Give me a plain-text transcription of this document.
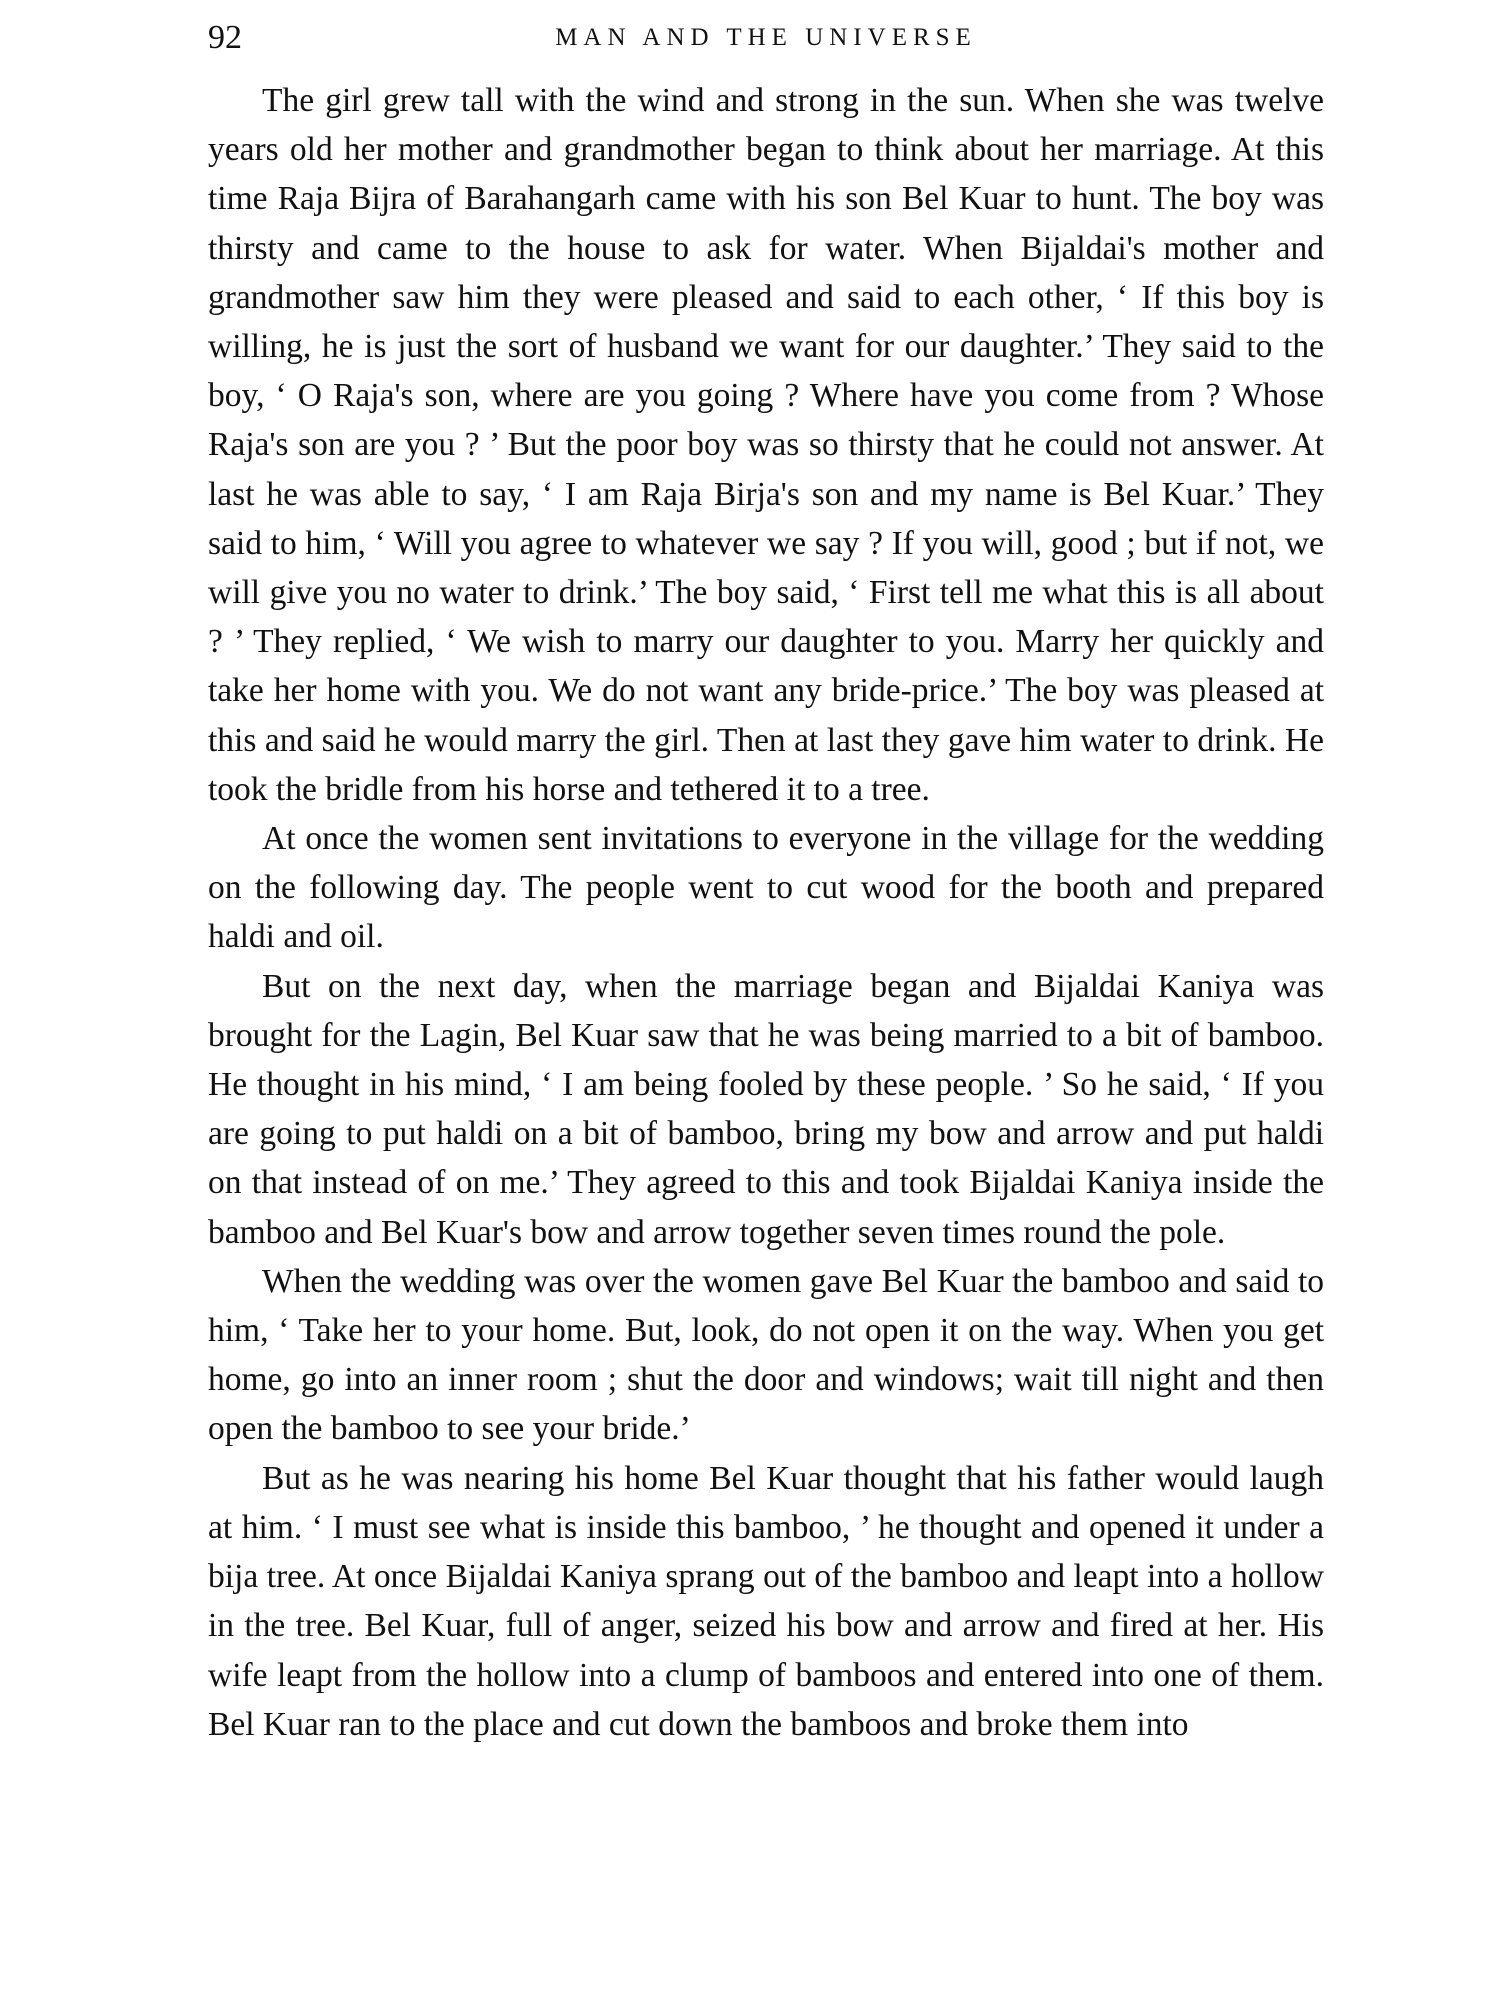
92	MAN AND THE UNIVERSE

The girl grew tall with the wind and strong in the sun. When she was twelve years old her mother and grandmother began to think about her marriage. At this time Raja Bijra of Barahangarh came with his son Bel Kuar to hunt. The boy was thirsty and came to the house to ask for water. When Bijaldai's mother and grandmother saw him they were pleased and said to each other, ‘ If this boy is willing, he is just the sort of husband we want for our daughter.’ They said to the boy, ‘ O Raja's son, where are you going ? Where have you come from ? Whose Raja's son are you ? ’ But the poor boy was so thirsty that he could not answer. At last he was able to say, ‘ I am Raja Birja's son and my name is Bel Kuar.’ They said to him, ‘ Will you agree to whatever we say ? If you will, good ; but if not, we will give you no water to drink.’ The boy said, ‘ First tell me what this is all about ? ’ They replied, ‘ We wish to marry our daughter to you. Marry her quickly and take her home with you. We do not want any bride-price.’ The boy was pleased at this and said he would marry the girl. Then at last they gave him water to drink. He took the bridle from his horse and tethered it to a tree.

At once the women sent invitations to everyone in the village for the wedding on the following day. The people went to cut wood for the booth and prepared haldi and oil.

But on the next day, when the marriage began and Bijaldai Kaniya was brought for the Lagin, Bel Kuar saw that he was being married to a bit of bamboo. He thought in his mind, ‘ I am being fooled by these people. ’ So he said, ‘ If you are going to put haldi on a bit of bamboo, bring my bow and arrow and put haldi on that instead of on me.’ They agreed to this and took Bijaldai Kaniya inside the bamboo and Bel Kuar's bow and arrow together seven times round the pole.

When the wedding was over the women gave Bel Kuar the bamboo and said to him, ‘ Take her to your home. But, look, do not open it on the way. When you get home, go into an inner room ; shut the door and windows; wait till night and then open the bamboo to see your bride.’

But as he was nearing his home Bel Kuar thought that his father would laugh at him. ‘ I must see what is inside this bamboo, ’ he thought and opened it under a bija tree. At once Bijaldai Kaniya sprang out of the bamboo and leapt into a hollow in the tree. Bel Kuar, full of anger, seized his bow and arrow and fired at her. His wife leapt from the hollow into a clump of bamboos and entered into one of them. Bel Kuar ran to the place and cut down the bamboos and broke them into
